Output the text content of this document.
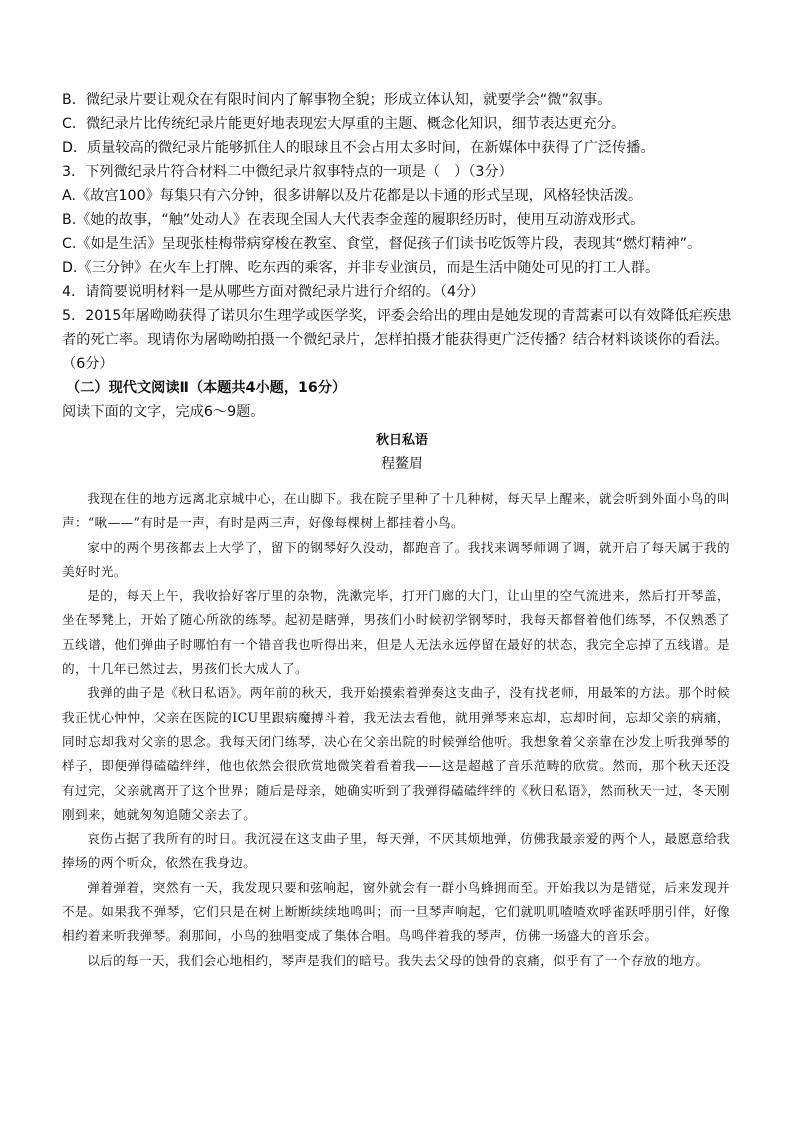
B．微纪录片要让观众在有限时间内了解事物全貌；形成立体认知，就要学会“微”叙事。
C．微纪录片比传统纪录片能更好地表现宏大厚重的主题、概念化知识，细节表达更充分。
D．质量较高的微纪录片能够抓住人的眼球且不会占用太多时间，在新媒体中获得了广泛传播。
3．下列微纪录片符合材料二中微纪录片叙事特点的一项是（　）（3分）
A.《故宫100》每集只有六分钟，很多讲解以及片花都是以卡通的形式呈现，风格轻快活泼。
B.《她的故事，“触”处动人》在表现全国人大代表李金莲的履职经历时，使用互动游戏形式。
C.《如是生活》呈现张桂梅带病穿梭在教室、食堂，督促孩子们读书吃饭等片段，表现其“燃灯精神”。
D.《三分钟》在火车上打牌、吃东西的乘客，并非专业演员，而是生活中随处可见的打工人群。
4．请简要说明材料一是从哪些方面对微纪录片进行介绍的。（4分）
5．2015年屠呦呦获得了诺贝尔生理学或医学奖，评委会给出的理由是她发现的青蒿素可以有效降低疟疾患
者的死亡率。现请你为屠呦呦拍摄一个微纪录片，怎样拍摄才能获得更广泛传播？结合材料谈谈你的看法。
（6分）
（二）现代文阅读Ⅱ（本题共4小题，16分）
阅读下面的文字，完成6～9题。
秋日私语
程鳌眉

我现在住的地方远离北京城中心，在山脚下。我在院子里种了十几种树，每天早上醒来，就会听到外面小鸟的叫声：“啾——”有时是一声，有时是两三声，好像每棵树上都挂着小鸟。

家中的两个男孩都去上大学了，留下的钢琴好久没动，都跑音了。我找来调琴师调了调，就开启了每天属于我的美好时光。

是的，每天上午，我收拾好客厅里的杂物，洗漱完毕，打开门廊的大门，让山里的空气流进来，然后打开琴盖，坐在琴凳上，开始了随心所欲的练琴。起初是瞎弹，男孩们小时候初学钢琴时，我每天都督着他们练琴，不仅熟悉了五线谱，他们弹曲子时哪怕有一个错音我也听得出来，但是人无法永远停留在最好的状态，我完全忘掉了五线谱。是的，十几年已然过去，男孩们长大成人了。

我弹的曲子是《秋日私语》。两年前的秋天，我开始摸索着弹奏这支曲子，没有找老师，用最笨的方法。那个时候我正忧心忡忡，父亲在医院的ICU里跟病魔搏斗着，我无法去看他，就用弹琴来忘却，忘却时间，忘却父亲的病痛，同时忘却我对父亲的思念。我每天闭门练琴，决心在父亲出院的时候弹给他听。我想象着父亲靠在沙发上听我弹琴的样子，即便弹得磕磕绊绊，他也依然会很欣赏地微笑着看着我——这是超越了音乐范畴的欣赏。然而，那个秋天还没有过完，父亲就离开了这个世界；随后是母亲，她确实听到了我弹得磕磕绊绊的《秋日私语》，然而秋天一过，冬天刚刚到来，她就匆匆追随父亲去了。

哀伤占据了我所有的时日。我沉浸在这支曲子里，每天弹，不厌其烦地弹，仿佛我最亲爱的两个人，最愿意给我捧场的两个听众，依然在我身边。

弹着弹着，突然有一天，我发现只要和弦响起，窗外就会有一群小鸟蜂拥而至。开始我以为是错觉，后来发现并不是。如果我不弹琴，它们只是在树上断断续续地鸣叫；而一旦琴声响起，它们就叽叽喳喳欢呼雀跃呼朋引伴，好像相约着来听我弹琴。刹那间，小鸟的独唱变成了集体合唱。鸟鸣伴着我的琴声，仿佛一场盛大的音乐会。

以后的每一天，我们会心地相约，琴声是我们的暗号。我失去父母的蚀骨的哀痛，似乎有了一个存放的地方。
